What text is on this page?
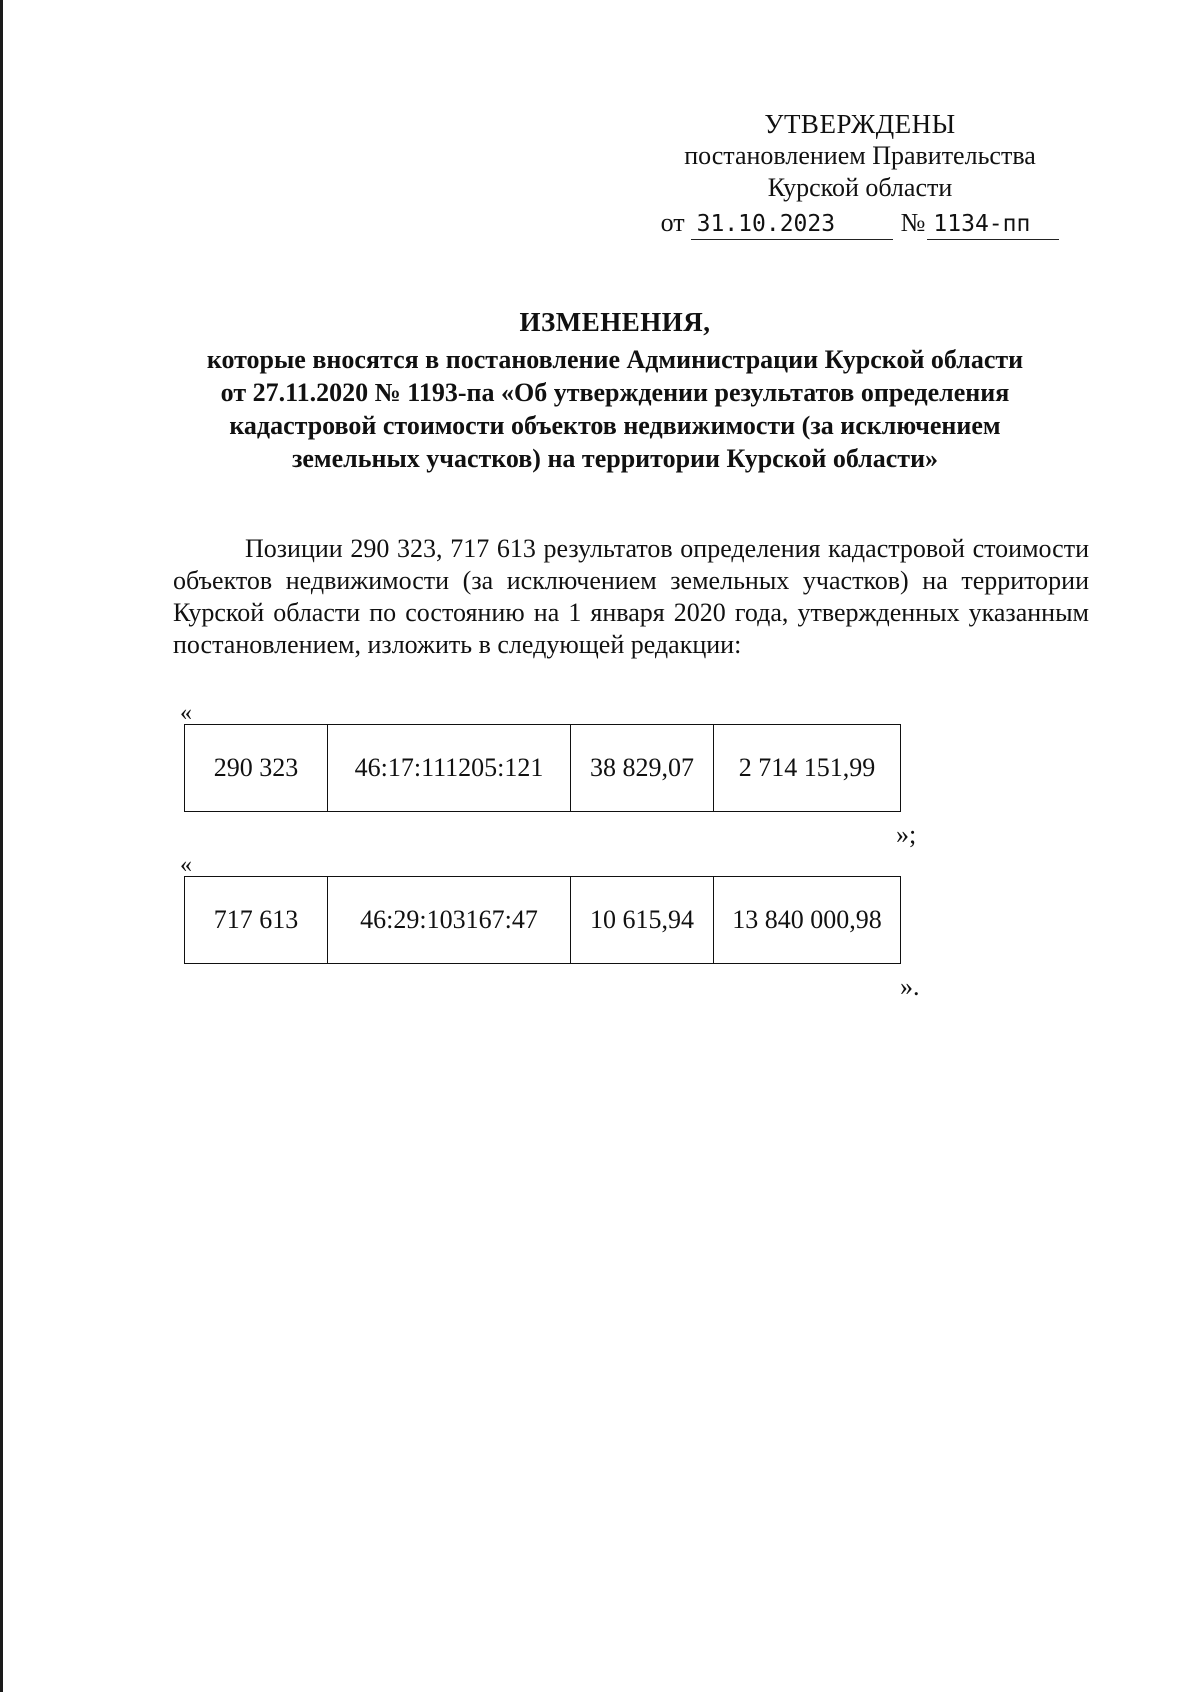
УТВЕРЖДЕНЫ
постановлением Правительства
Курской области
от 31.10.2023	№ 1134-пп
ИЗМЕНЕНИЯ,
которые вносятся в постановление Администрации Курской области
от 27.11.2020 № 1193-па «Об утверждении результатов определения
кадастровой стоимости объектов недвижимости (за исключением
земельных участков) на территории Курской области»
Позиции 290 323, 717 613 результатов определения кадастровой стоимости объектов недвижимости (за исключением земельных участков) на территории Курской области по состоянию на 1 января 2020 года, утвержденных указанным постановлением, изложить в следующей редакции:
«
290 323	46:17:111205:121	38 829,07	2 714 151,99
»;
«
717 613	46:29:103167:47	10 615,94	13 840 000,98
».
